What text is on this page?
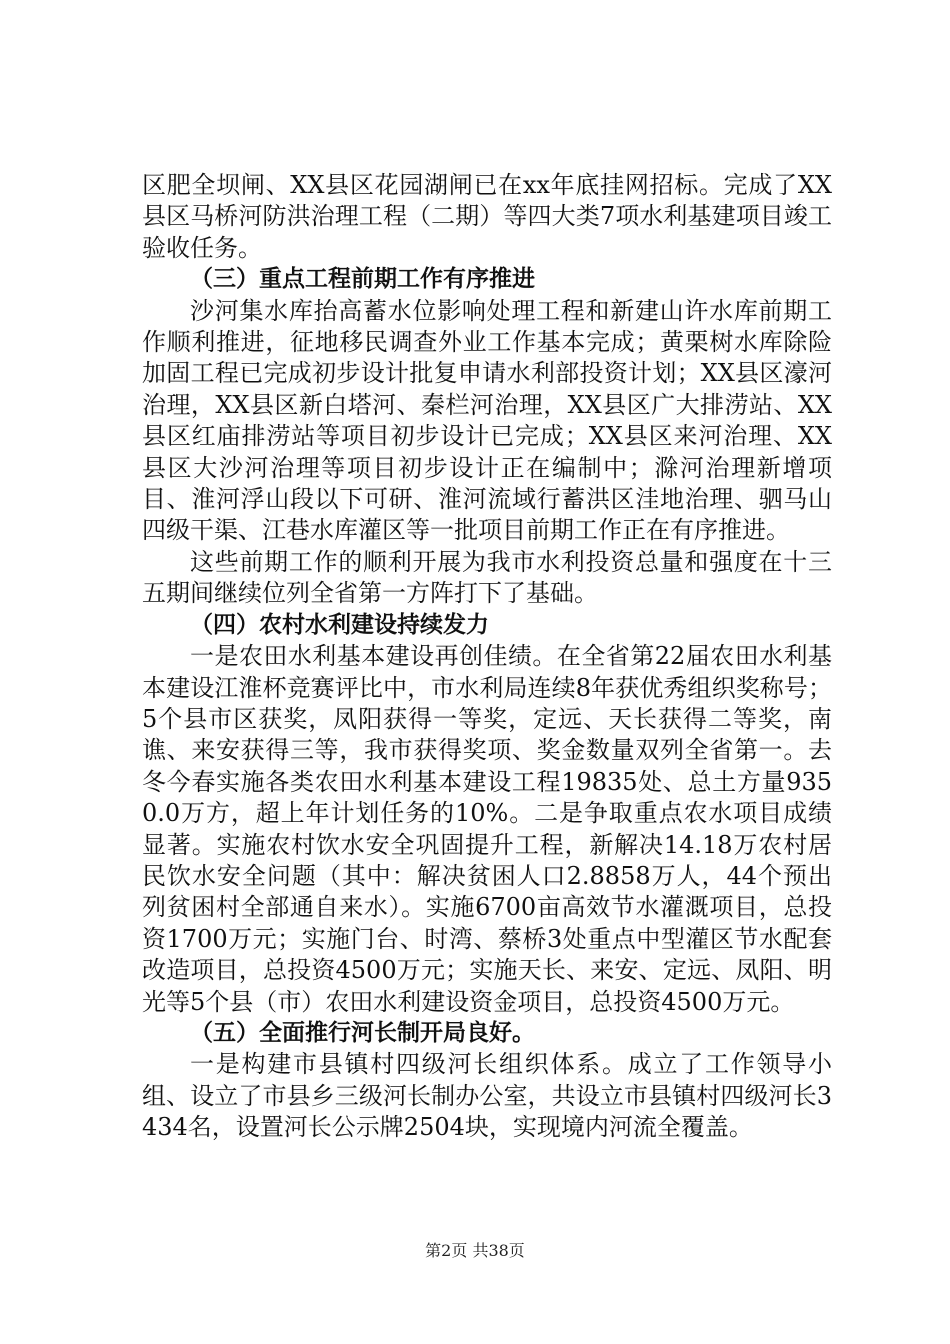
区肥全坝闸、XX县区花园湖闸已在xx年底挂网招标。完成了XX县区马桥河防洪治理工程（二期）等四大类7项水利基建项目竣工验收任务。

（三）重点工程前期工作有序推进

沙河集水库抬高蓄水位影响处理工程和新建山许水库前期工作顺利推进，征地移民调查外业工作基本完成；黄栗树水库除险加固工程已完成初步设计批复申请水利部投资计划；XX县区濠河治理，XX县区新白塔河、秦栏河治理，XX县区广大排涝站、XX县区红庙排涝站等项目初步设计已完成；XX县区来河治理、XX县区大沙河治理等项目初步设计正在编制中；滁河治理新增项目、淮河浮山段以下可研、淮河流域行蓄洪区洼地治理、驷马山四级干渠、江巷水库灌区等一批项目前期工作正在有序推进。

这些前期工作的顺利开展为我市水利投资总量和强度在十三五期间继续位列全省第一方阵打下了基础。

（四）农村水利建设持续发力

一是农田水利基本建设再创佳绩。在全省第22届农田水利基本建设江淮杯竞赛评比中，市水利局连续8年获优秀组织奖称号；5个县市区获奖，凤阳获得一等奖，定远、天长获得二等奖，南谯、来安获得三等，我市获得奖项、奖金数量双列全省第一。去冬今春实施各类农田水利基本建设工程19835处、总土方量9350.0万方，超上年计划任务的10%。二是争取重点农水项目成绩显著。实施农村饮水安全巩固提升工程，新解决14.18万农村居民饮水安全问题（其中：解决贫困人口2.8858万人，44个预出列贫困村全部通自来水）。实施6700亩高效节水灌溉项目，总投资1700万元；实施门台、时湾、蔡桥3处重点中型灌区节水配套改造项目，总投资4500万元；实施天长、来安、定远、凤阳、明光等5个县（市）农田水利建设资金项目，总投资4500万元。

（五）全面推行河长制开局良好。

一是构建市县镇村四级河长组织体系。成立了工作领导小组、设立了市县乡三级河长制办公室，共设立市县镇村四级河长3434名，设置河长公示牌2504块，实现境内河流全覆盖。

第2页 共38页
